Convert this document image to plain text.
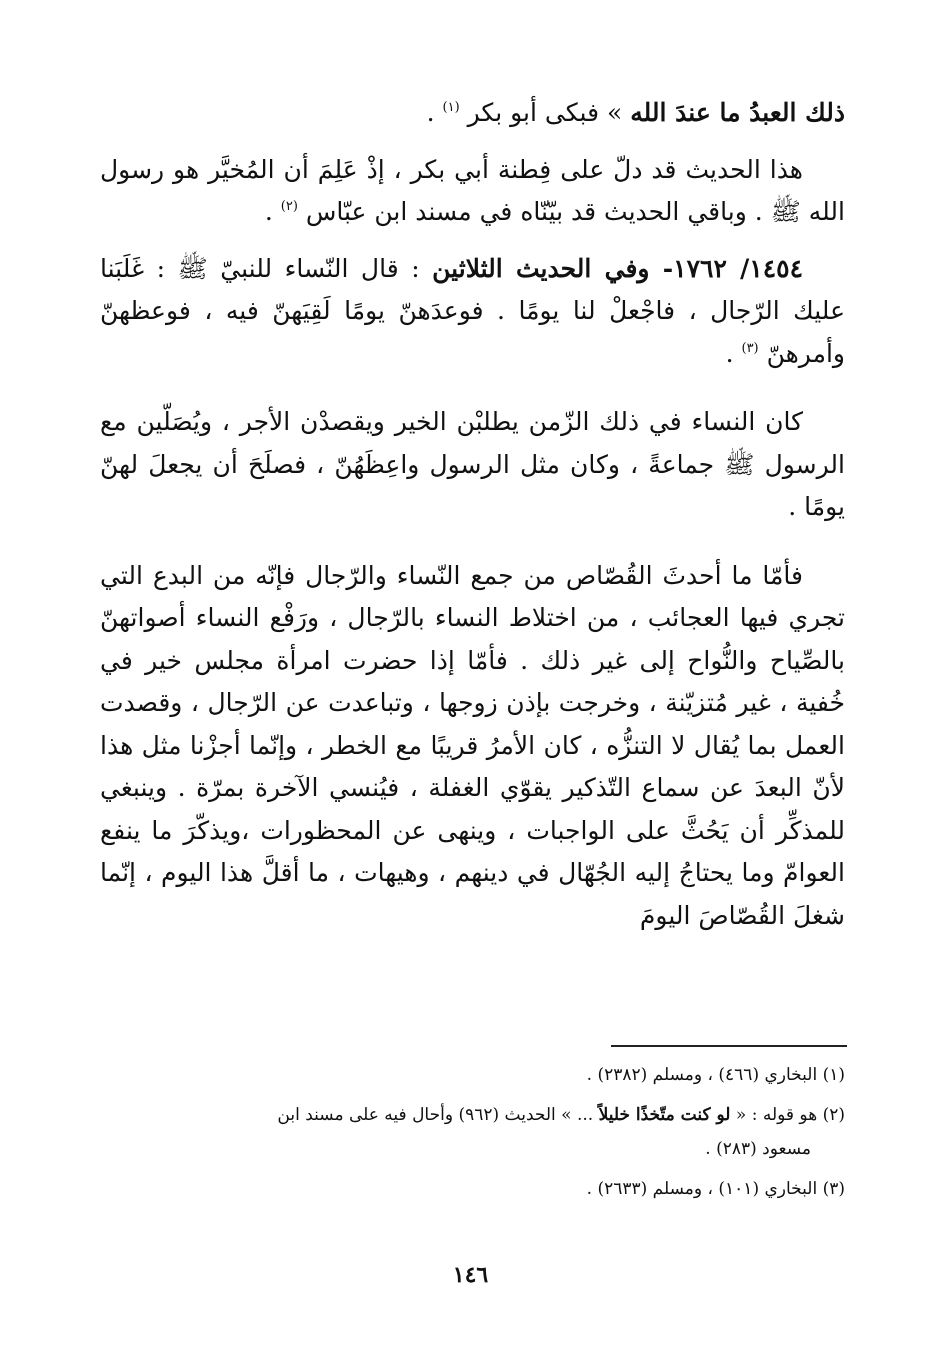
ذلك العبدُ ما عندَ الله » فبكى أبو بكر $^{(١)}$ .

هذا الحديث قد دلّ على فِطنة أبي بكر ، إذْ عَلِمَ أن المُخيَّر هو رسول الله ﷺ . وباقي الحديث قد بيّنّاه في مسند ابن عبّاس $^{(٢)}$ .

١٤٥٤/ ١٧٦٢- وفي الحديث الثلاثين : قال النّساء للنبيّ ﷺ : غَلَبَنا عليك الرّجال ، فاجْعلْ لنا يومًا . فوعدَهنّ يومًا لَقِيَهنّ فيه ، فوعظهنّ وأمرهنّ $^{(٣)}$ .

كان النساء في ذلك الزّمن يطلبْن الخير ويقصدْن الأجر ، ويُصَلّين مع الرسول ﷺ جماعةً ، وكان مثل الرسول واعِظَهُنّ ، فصلَحَ أن يجعلَ لهنّ يومًا .

فأمّا ما أحدثَ القُصّاص من جمع النّساء والرّجال فإنّه من البدع التي تجري فيها العجائب ، من اختلاط النساء بالرّجال ، ورَفْع النساء أصواتهنّ بالصِّياح والنُّواح إلى غير ذلك . فأمّا إذا حضرت امرأة مجلس خير في خُفية ، غير مُتزيّنة ، وخرجت بإذن زوجها ، وتباعدت عن الرّجال ، وقصدت العمل بما يُقال لا التنزُّه ، كان الأمرُ قريبًا مع الخطر ، وإنّما أجزْنا مثل هذا لأنّ البعدَ عن سماع التّذكير يقوّي الغفلة ، فيُنسي الآخرة بمرّة . وينبغي للمذكِّر أن يَحُثَّ على الواجبات ، وينهى عن المحظورات ،ويذكّرَ ما ينفع العوامّ وما يحتاجُ إليه الجُهّال في دينهم ، وهيهات ، ما أقلَّ هذا اليوم ، إنّما شغلَ القُصّاصَ اليومَ

(١) البخاري (٤٦٦) ، ومسلم (٢٣٨٢) .

(٢) هو قوله : « لو كنت متّخذًا خليلاً ... » الحديث (٩٦٢) وأحال فيه على مسند ابن
مسعود (٢٨٣) .

(٣) البخاري (١٠١) ، ومسلم (٢٦٣٣) .

١٤٦
